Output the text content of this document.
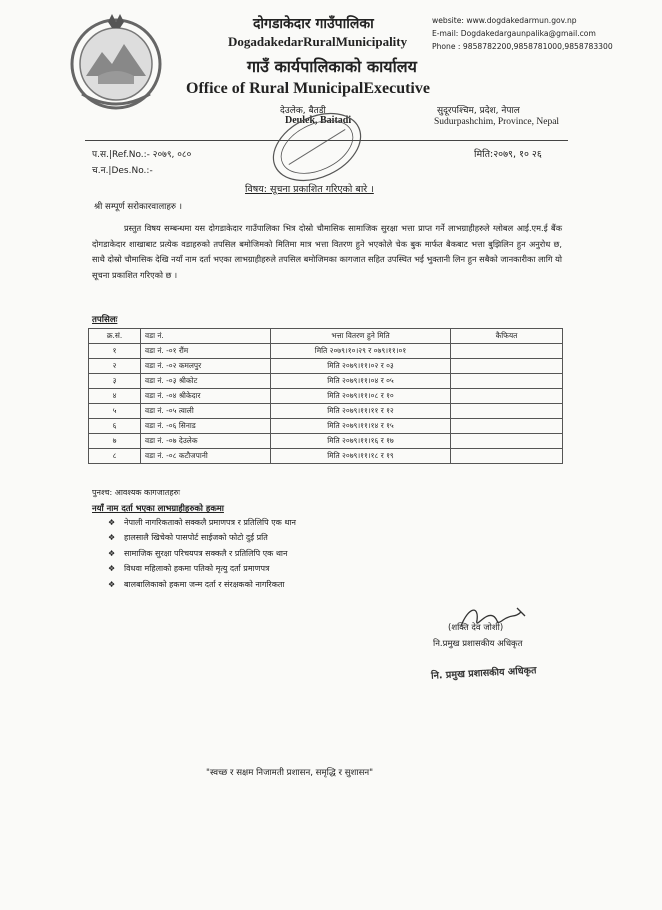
दोगडाकेदार गाउँपालिका
DogadakedarRuralMunicipality
गाउँ कार्यपालिकाको कार्यालय
Office of Rural MunicipalExecutive
देउलेक, बैतडी
Deulek, Baitadi
website: www.dogdakedarmun.gov.np
E-mail: Dogdakedargaunpalika@gmail.com
Phone : 9858782200,9858781000,9858783300
सुदूरपश्चिम, प्रदेश, नेपाल
Sudurpashchim, Province, Nepal
प.स.|Ref.No.:- २०७९, ०८०
च.न.|Des.No.:-
मिति:२०७९, १० २६
विषय: सूचना प्रकाशित गरिएको बारे ।
श्री सम्पूर्ण सरोकारवालाहरु ।

प्रस्तुत विषय सम्बन्धमा यस दोगडाकेदार गाउँपालिका भित्र दोस्रो चौमासिक सामाजिक सुरक्षा भत्ता प्राप्त गर्ने लाभग्राहीहरुले ग्लोबल आई.एम.ई बैंक दोगडाकेदार शाखाबाट प्रत्येक वडाहरुको तपसिल बमोजिमको मितिमा मात्र भत्ता वितरण हुने भएकोले चेक बुक मार्फत बैकबाट भत्ता बुझिलिन हुन अनुरोध छ, साथै दोस्रो चौमासिक देखि नयाँ नाम दर्ता भएका लाभग्राहीहरुले तपसिल बमोजिमका कागजात सहित उपस्थित भई भुक्तानी लिन हुन सबैको जानकारीका लागि यो सूचना प्रकाशित गरिएको छ ।

तपसिलः
क्र.सं.	वडा नं.	भत्ता वितरण हुने मिति	कैफियत
१	वडा नं. -०१ रौंम	मिति २०७९।१०।२९ र ०७९।११।०१	
२	वडा नं. -०२ कमलपुर	मिति २०७९।११।०२ र ०३	
३	वडा नं. -०३ श्रीकोट	मिति २०७९।११।०४ र ०५	
४	वडा नं. -०४ श्रीकेदार	मिति २०७९।११।०८ र १०	
५	वडा नं. -०५ त्वाली	मिति २०७९।११।११ र १२	
६	वडा नं. -०६ सिनाड	मिति २०७९।११।१४ र १५	
७	वडा नं. -०७ देउलेक	मिति २०७९।११।१६ र १७	
८	वडा नं. -०८ कटौजपानी	मिति २०७९।११।१८ र १९	
पुनश्च: आवश्यक कागजातहरुः
नयाँ नाम दर्ता भएका लाभग्राहीहरुको हकमा
❖ नेपाली नागरिकताको सक्कलै प्रमाणपत्र र प्रतिलिपि एक थान
❖ हालसालै खिचेको पासपोर्ट साईजको फोटो दुई प्रति
❖ सामाजिक सुरक्षा परिचयपत्र सक्कलै र प्रतिलिपि एक थान
❖ विधवा महिलाको हकमा पतिको मृत्यु दर्ता प्रमाणपत्र
❖ बालबालिकाको हकमा जन्म दर्ता र संरक्षकको नागरिकता
(शक्ति देव जोशी)
नि.प्रमुख प्रशासकीय अधिकृत
नि. प्रमुख प्रशासकीय अधिकृत
"स्वच्छ र सक्षम निजामती प्रशासन, समृद्धि र सुशासन"
